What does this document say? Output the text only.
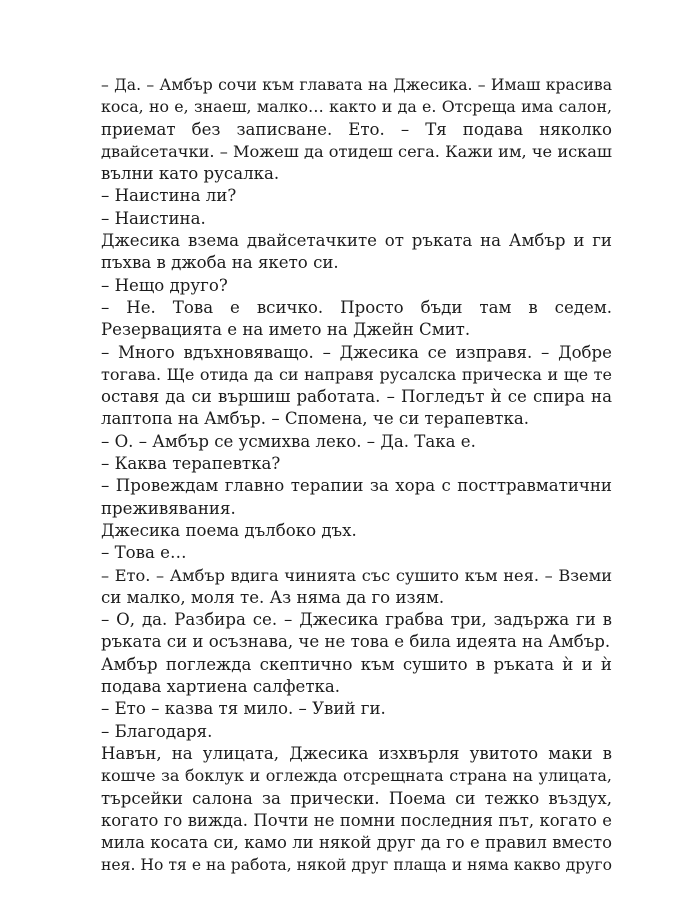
– Да. – Амбър сочи към главата на Джесика. – Имаш красива
коса, но е, знаеш, малко… както и да е. Отсреща има салон,
приемат без записване. Ето. – Тя подава няколко
двайсетачки. – Можеш да отидеш сега. Кажи им, че искаш
вълни като русалка.

– Наистина ли?

– Наистина.

Джесика взема двайсетачките от ръката на Амбър и ги
пъхва в джоба на якето си.

– Нещо друго?

– Не. Това е всичко. Просто бъди там в седем.
Резервацията е на името на Джейн Смит.

– Много вдъхновяващо. – Джесика се изправя. – Добре
тогава. Ще отида да си направя русалска прическа и ще те
оставя да си вършиш работата. – Погледът ѝ се спира на
лаптопа на Амбър. – Спомена, че си терапевтка.

– О. – Амбър се усмихва леко. – Да. Така е.

– Каква терапевтка?

– Провеждам главно терапии за хора с посттравматични
преживявания.

Джесика поема дълбоко дъх.

– Това е…

– Ето. – Амбър вдига чинията със сушито към нея. – Вземи
си малко, моля те. Аз няма да го изям.

– О, да. Разбира се. – Джесика грабва три, задържа ги в
ръката си и осъзнава, че не това е била идеята на Амбър.

Амбър поглежда скептично към сушито в ръката ѝ и ѝ
подава хартиена салфетка.

– Ето – казва тя мило. – Увий ги.

– Благодаря.

Навън, на улицата, Джесика изхвърля увитото маки в
кошче за боклук и оглежда отсрещната страна на улицата,
търсейки салона за прически. Поема си тежко въздух,
когато го вижда. Почти не помни последния път, когато е
мила косата си, камо ли някой друг да го е правил вместо
нея. Но тя е на работа, някой друг плаща и няма какво друго
